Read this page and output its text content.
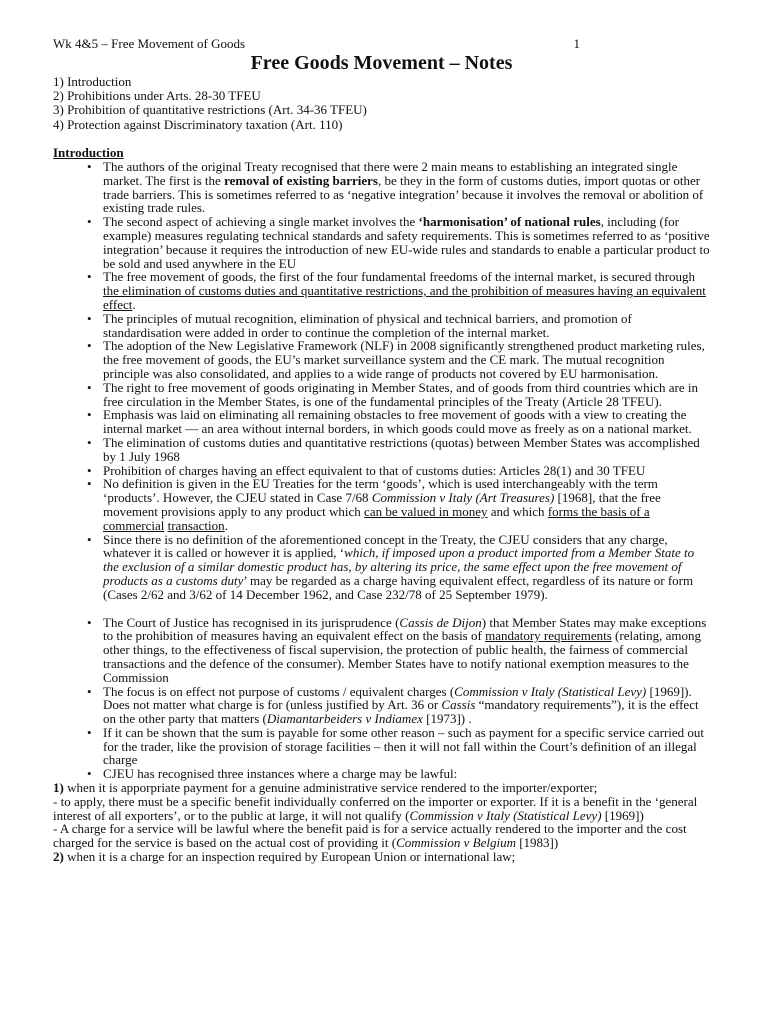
Wk 4&5 – Free Movement of Goods	1
Free Goods Movement – Notes
1) Introduction
2) Prohibitions under Arts. 28-30 TFEU
3) Prohibition of quantitative restrictions (Art. 34-36 TFEU)
4) Protection against Discriminatory taxation (Art. 110)
Introduction
• The authors of the original Treaty recognised that there were 2 main means to establishing an integrated single market. The first is the removal of existing barriers, be they in the form of customs duties, import quotas or other trade barriers. This is sometimes referred to as ‘negative integration’ because it involves the removal or abolition of existing trade rules.
• The second aspect of achieving a single market involves the ‘harmonisation’ of national rules, including (for example) measures regulating technical standards and safety requirements. This is sometimes referred to as ‘positive integration’ because it requires the introduction of new EU-wide rules and standards to enable a particular product to be sold and used anywhere in the EU
• The free movement of goods, the first of the four fundamental freedoms of the internal market, is secured through the elimination of customs duties and quantitative restrictions, and the prohibition of measures having an equivalent effect.
• The principles of mutual recognition, elimination of physical and technical barriers, and promotion of standardisation were added in order to continue the completion of the internal market.
• The adoption of the New Legislative Framework (NLF) in 2008 significantly strengthened product marketing rules, the free movement of goods, the EU’s market surveillance system and the CE mark. The mutual recognition principle was also consolidated, and applies to a wide range of products not covered by EU harmonisation.
• The right to free movement of goods originating in Member States, and of goods from third countries which are in free circulation in the Member States, is one of the fundamental principles of the Treaty (Article 28 TFEU).
• Emphasis was laid on eliminating all remaining obstacles to free movement of goods with a view to creating the internal market — an area without internal borders, in which goods could move as freely as on a national market.
• The elimination of customs duties and quantitative restrictions (quotas) between Member States was accomplished by 1 July 1968
• Prohibition of charges having an effect equivalent to that of customs duties: Articles 28(1) and 30 TFEU
• No definition is given in the EU Treaties for the term ‘goods’, which is used interchangeably with the term ‘products’. However, the CJEU stated in Case 7/68 Commission v Italy (Art Treasures) [1968], that the free movement provisions apply to any product which can be valued in money and which forms the basis of a commercial transaction.
• Since there is no definition of the aforementioned concept in the Treaty, the CJEU considers that any charge, whatever it is called or however it is applied, ‘which, if imposed upon a product imported from a Member State to the exclusion of a similar domestic product has, by altering its price, the same effect upon the free movement of products as a customs duty’ may be regarded as a charge having equivalent effect, regardless of its nature or form (Cases 2/62 and 3/62 of 14 December 1962, and Case 232/78 of 25 September 1979).
• The Court of Justice has recognised in its jurisprudence (Cassis de Dijon) that Member States may make exceptions to the prohibition of measures having an equivalent effect on the basis of mandatory requirements (relating, among other things, to the effectiveness of fiscal supervision, the protection of public health, the fairness of commercial transactions and the defence of the consumer). Member States have to notify national exemption measures to the Commission
• The focus is on effect not purpose of customs / equivalent charges (Commission v Italy (Statistical Levy) [1969]). Does not matter what charge is for (unless justified by Art. 36 or Cassis “mandatory requirements”), it is the effect on the other party that matters (Diamantarbeiders v Indiamex [1973]) .
• If it can be shown that the sum is payable for some other reason – such as payment for a specific service carried out for the trader, like the provision of storage facilities – then it will not fall within the Court’s definition of an illegal charge
• CJEU has recognised three instances where a charge may be lawful:
1) when it is apporpriate payment for a genuine administrative service rendered to the importer/exporter;
- to apply, there must be a specific benefit individually conferred on the importer or exporter. If it is a benefit in the ‘general interest of all exporters’, or to the public at large, it will not qualify (Commission v Italy (Statistical Levy) [1969])
- A charge for a service will be lawful where the benefit paid is for a service actually rendered to the importer and the cost charged for the service is based on the actual cost of providing it (Commission v Belgium [1983])
2) when it is a charge for an inspection required by European Union or international law;
